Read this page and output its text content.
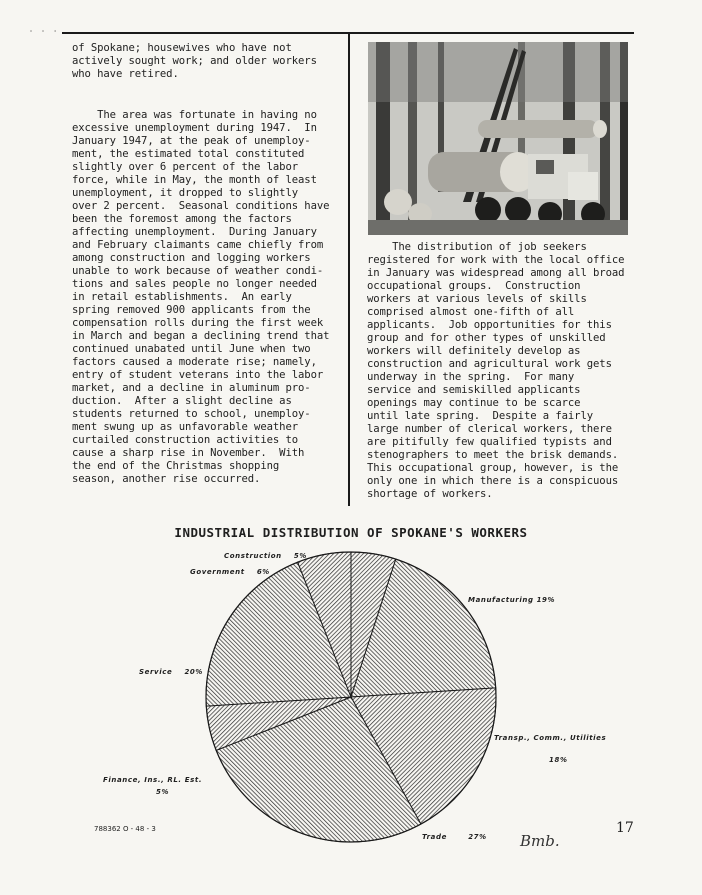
˙ ˙ ˙
of Spokane; housewives who have not
actively sought work; and older workers
who have retired.
The area was fortunate in having no
excessive unemployment during 1947.  In
January 1947, at the peak of unemploy-
ment, the estimated total constituted
slightly over 6 percent of the labor
force, while in May, the month of least
unemployment, it dropped to slightly
over 2 percent.  Seasonal conditions have
been the foremost among the factors
affecting unemployment.  During January
and February claimants came chiefly from
among construction and logging workers
unable to work because of weather condi-
tions and sales people no longer needed
in retail establishments.  An early
spring removed 900 applicants from the
compensation rolls during the first week
in March and began a declining trend that
continued unabated until June when two
factors caused a moderate rise; namely,
entry of student veterans into the labor
market, and a decline in aluminum pro-
duction.  After a slight decline as
students returned to school, unemploy-
ment swung up as unfavorable weather
curtailed construction activities to
cause a sharp rise in November.  With
the end of the Christmas shopping
season, another rise occurred.
The distribution of job seekers
registered for work with the local office
in January was widespread among all broad
occupational groups.  Construction
workers at various levels of skills
comprised almost one-fifth of all
applicants.  Job opportunities for this
group and for other types of unskilled
workers will definitely develop as
construction and agricultural work gets
underway in the spring.  For many
service and semiskilled applicants
openings may continue to be scarce
until late spring.  Despite a fairly
large number of clerical workers, there
are pitifully few qualified typists and
stenographers to meet the brisk demands.
This occupational group, however, is the
only one in which there is a conspicuous
shortage of workers.
INDUSTRIAL DISTRIBUTION OF SPOKANE'S WORKERS
Construction    5%
Government    6%
Manufacturing 19%
Service    20%
Transp., Comm., Utilities
18%
Finance, Ins., RL. Est.
5%
Trade       27%
788362 O - 48 - 3
Bmb.
17
